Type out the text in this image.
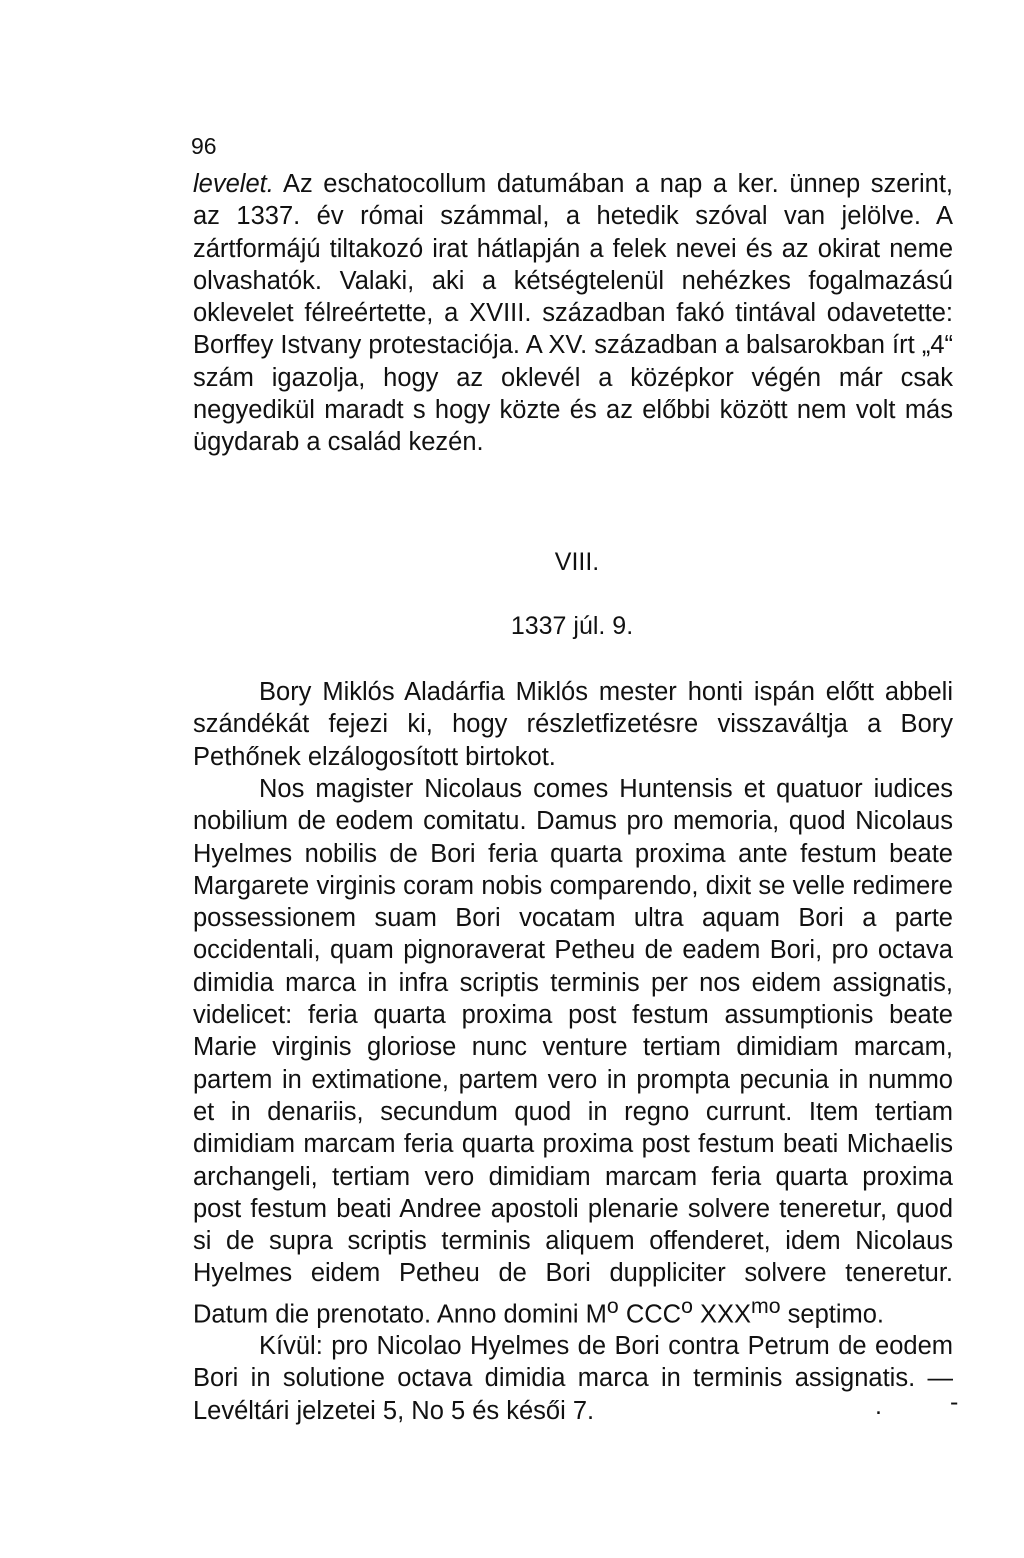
96

levelet. Az eschatocollum datumában a nap a ker. ünnep szerint, az 1337. év római számmal, a hetedik szóval van jelölve. A zártformájú tiltakozó irat hátlapján a felek nevei és az okirat neme olvashatók. Valaki, aki a kétségtelenül nehézkes fogalmazású oklevelet félreértette, a XVIII. században fakó tintával odavetette: Borffey Istvany protestaciója. A XV. században a balsarokban írt „4“ szám igazolja, hogy az oklevél a középkor végén már csak negyedikül maradt s hogy közte és az előbbi között nem volt más ügydarab a család kezén.

VIII.
1337 júl. 9.

Bory Miklós Aladárfia Miklós mester honti ispán előtt abbeli szándékát fejezi ki, hogy részletfizetésre visszaváltja a Bory Pethőnek elzálogosított birtokot.

Nos magister Nicolaus comes Huntensis et quatuor iudices nobilium de eodem comitatu. Damus pro memoria, quod Nicolaus Hyelmes nobilis de Bori feria quarta proxima ante festum beate Margarete virginis coram nobis comparendo, dixit se velle redimere possessionem suam Bori vocatam ultra aquam Bori a parte occidentali, quam pignoraverat Petheu de eadem Bori, pro octava dimidia marca in infra scriptis terminis per nos eidem assignatis, videlicet: feria quarta proxima post festum assumptionis beate Marie virginis gloriose nunc venture tertiam dimidiam marcam, partem in extimatione, partem vero in prompta pecunia in nummo et in denariis, secundum quod in regno currunt. Item tertiam dimidiam marcam feria quarta proxima post festum beati Michaelis archangeli, tertiam vero dimidiam marcam feria quarta proxima post festum beati Andree apostoli plenarie solvere teneretur, quod si de supra scriptis terminis aliquem offenderet, idem Nicolaus Hyelmes eidem Petheu de Bori duppliciter solvere teneretur. Datum die prenotato. Anno domini $M^o$ CCC$^o$ $XXX^{mo}$ septimo.

Kívül: pro Nicolao Hyelmes de Bori contra Petrum de eodem Bori in solutione octava dimidia marca in terminis assignatis. — Levéltári jelzetei 5, No 5 és késői 7.	.	-
